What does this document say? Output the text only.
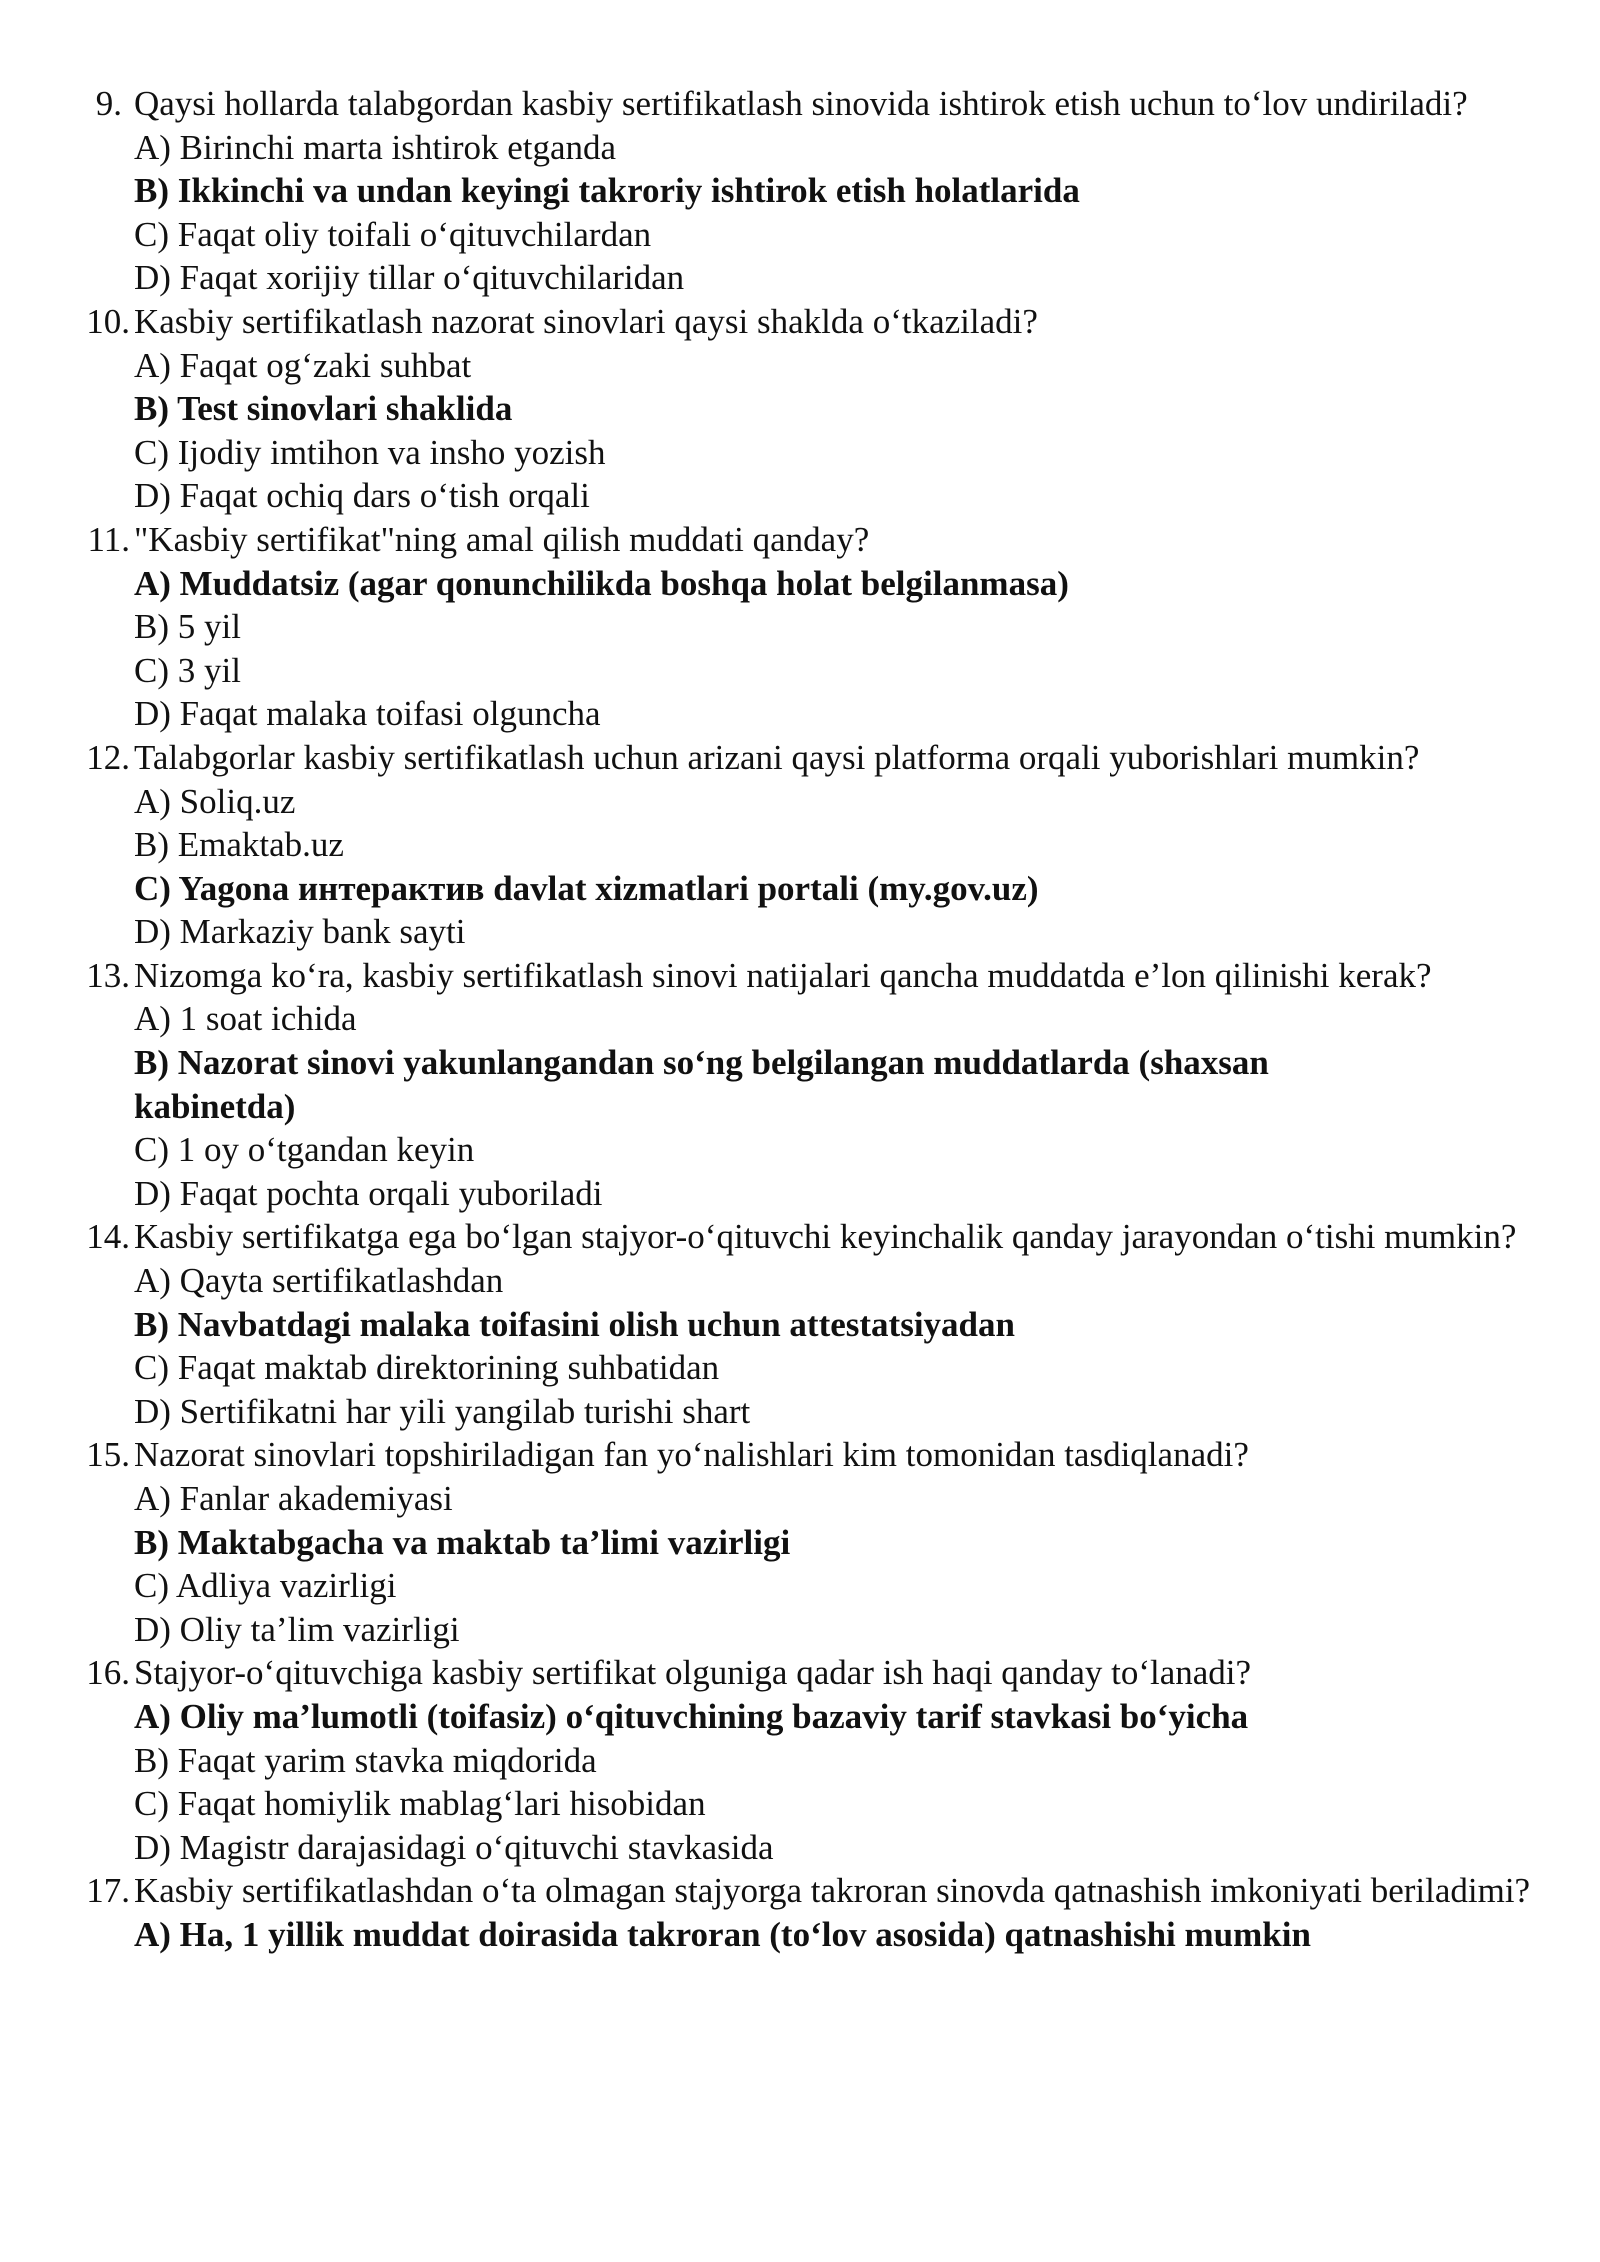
9. Qaysi hollarda talabgordan kasbiy sertifikatlash sinovida ishtirok etish uchun to‘lov undiriladi?
A) Birinchi marta ishtirok etganda
B) Ikkinchi va undan keyingi takroriy ishtirok etish holatlarida
C) Faqat oliy toifali o‘qituvchilardan
D) Faqat xorijiy tillar o‘qituvchilaridan
10. Kasbiy sertifikatlash nazorat sinovlari qaysi shaklda o‘tkaziladi?
A) Faqat og‘zaki suhbat
B) Test sinovlari shaklida
C) Ijodiy imtihon va insho yozish
D) Faqat ochiq dars o‘tish orqali
11. "Kasbiy sertifikat"ning amal qilish muddati qanday?
A) Muddatsiz (agar qonunchilikda boshqa holat belgilanmasa)
B) 5 yil
C) 3 yil
D) Faqat malaka toifasi olguncha
12. Talabgorlar kasbiy sertifikatlash uchun arizani qaysi platforma orqali yuborishlari mumkin?
A) Soliq.uz
B) Emaktab.uz
C) Yagona интерактив davlat xizmatlari portali (my.gov.uz)
D) Markaziy bank sayti
13. Nizomga ko‘ra, kasbiy sertifikatlash sinovi natijalari qancha muddatda e’lon qilinishi kerak?
A) 1 soat ichida
B) Nazorat sinovi yakunlangandan so‘ng belgilangan muddatlarda (shaxsan kabinetda)
C) 1 oy o‘tgandan keyin
D) Faqat pochta orqali yuboriladi
14. Kasbiy sertifikatga ega bo‘lgan stajyor-o‘qituvchi keyinchalik qanday jarayondan o‘tishi mumkin?
A) Qayta sertifikatlashdan
B) Navbatdagi malaka toifasini olish uchun attestatsiyadan
C) Faqat maktab direktorining suhbatidan
D) Sertifikatni har yili yangilab turishi shart
15. Nazorat sinovlari topshiriladigan fan yo‘nalishlari kim tomonidan tasdiqlanadi?
A) Fanlar akademiyasi
B) Maktabgacha va maktab ta’limi vazirligi
C) Adliya vazirligi
D) Oliy ta’lim vazirligi
16. Stajyor-o‘qituvchiga kasbiy sertifikat olguniga qadar ish haqi qanday to‘lanadi?
A) Oliy ma’lumotli (toifasiz) o‘qituvchining bazaviy tarif stavkasi bo‘yicha
B) Faqat yarim stavka miqdorida
C) Faqat homiylik mablag‘lari hisobidan
D) Magistr darajasidagi o‘qituvchi stavkasida
17. Kasbiy sertifikatlashdan o‘ta olmagan stajyorga takroran sinovda qatnashish imkoniyati beriladimi?
A) Ha, 1 yillik muddat doirasida takroran (to‘lov asosida) qatnashishi mumkin
